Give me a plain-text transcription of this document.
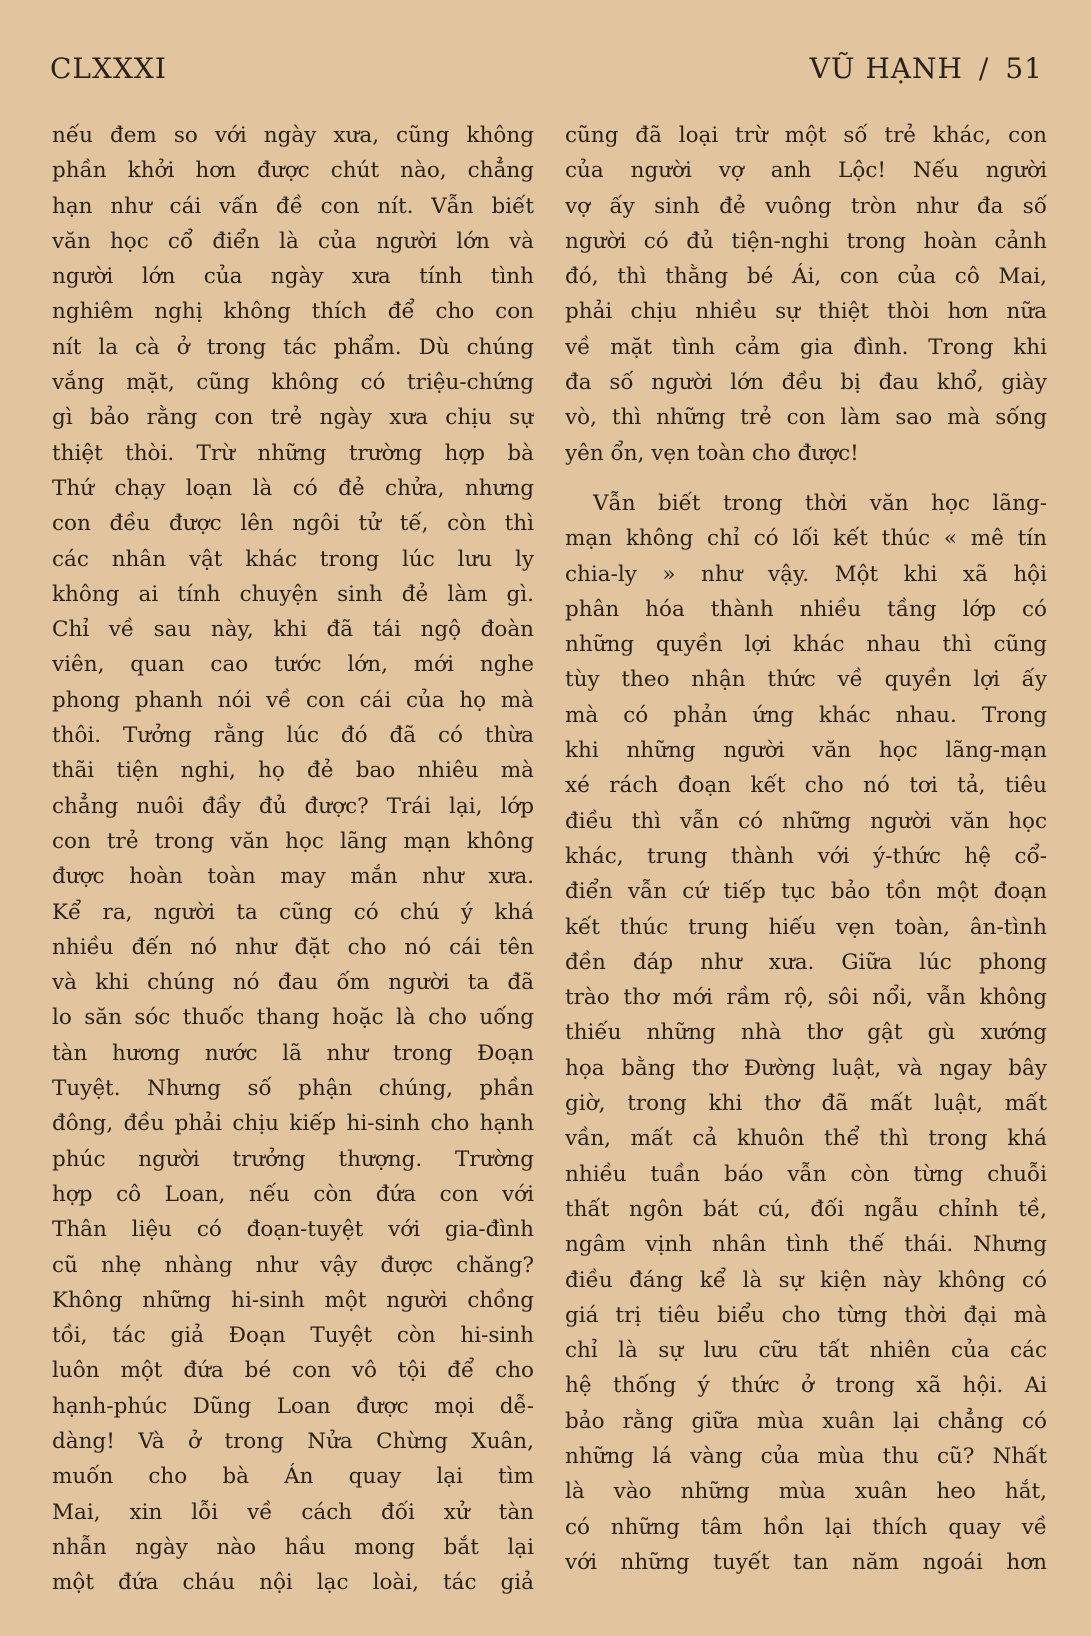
CLXXXI	VŨ HẠNH / 51
nếu đem so với ngày xưa, cũng không
phần khởi hơn được chút nào, chẳng
hạn như cái vấn đề con nít. Vẫn biết
văn học cổ điển là của người lớn và
người lớn của ngày xưa tính tình
nghiêm nghị không thích để cho con
nít la cà ở trong tác phẩm. Dù chúng
vắng mặt, cũng không có triệu-chứng
gì bảo rằng con trẻ ngày xưa chịu sự
thiệt thòi. Trừ những trường hợp bà
Thứ chạy loạn là có đẻ chửa, nhưng
con đều được lên ngôi tử tế, còn thì
các nhân vật khác trong lúc lưu ly
không ai tính chuyện sinh đẻ làm gì.
Chỉ về sau này, khi đã tái ngộ đoàn
viên, quan cao tước lớn, mới nghe
phong phanh nói về con cái của họ mà
thôi. Tưởng rằng lúc đó đã có thừa
thãi tiện nghi, họ đẻ bao nhiêu mà
chẳng nuôi đầy đủ được? Trái lại, lớp
con trẻ trong văn học lãng mạn không
được hoàn toàn may mắn như xưa.
Kể ra, người ta cũng có chú ý khá
nhiều đến nó như đặt cho nó cái tên
và khi chúng nó đau ốm người ta đã
lo săn sóc thuốc thang hoặc là cho uống
tàn hương nước lã như trong Đoạn
Tuyệt. Nhưng số phận chúng, phần
đông, đều phải chịu kiếp hi-sinh cho hạnh
phúc người trưởng thượng. Trường
hợp cô Loan, nếu còn đứa con với
Thân liệu có đoạn-tuyệt với gia-đình
cũ nhẹ nhàng như vậy được chăng?
Không những hi-sinh một người chồng
tồi, tác giả Đoạn Tuyệt còn hi-sinh
luôn một đứa bé con vô tội để cho
hạnh-phúc Dũng Loan được mọi dễ-
dàng! Và ở trong Nửa Chừng Xuân,
muốn cho bà Án quay lại tìm
Mai, xin lỗi về cách đối xử tàn
nhẫn ngày nào hầu mong bắt lại
một đứa cháu nội lạc loài, tác giả
cũng đã loại trừ một số trẻ khác, con
của người vợ anh Lộc! Nếu người
vợ ấy sinh đẻ vuông tròn như đa số
người có đủ tiện-nghi trong hoàn cảnh
đó, thì thằng bé Ái, con của cô Mai,
phải chịu nhiều sự thiệt thòi hơn nữa
về mặt tình cảm gia đình. Trong khi
đa số người lớn đều bị đau khổ, giày
vò, thì những trẻ con làm sao mà sống
yên ổn, vẹn toàn cho được!
Vẫn biết trong thời văn học lãng-
mạn không chỉ có lối kết thúc « mê tín
chia-ly » như vậy. Một khi xã hội
phân hóa thành nhiều tầng lớp có
những quyền lợi khác nhau thì cũng
tùy theo nhận thức về quyền lợi ấy
mà có phản ứng khác nhau. Trong
khi những người văn học lãng-mạn
xé rách đoạn kết cho nó tơi tả, tiêu
điều thì vẫn có những người văn học
khác, trung thành với ý-thức hệ cổ-
điển vẫn cứ tiếp tục bảo tồn một đoạn
kết thúc trung hiếu vẹn toàn, ân-tình
đền đáp như xưa. Giữa lúc phong
trào thơ mới rầm rộ, sôi nổi, vẫn không
thiếu những nhà thơ gật gù xướng
họa bằng thơ Đường luật, và ngay bây
giờ, trong khi thơ đã mất luật, mất
vần, mất cả khuôn thể thì trong khá
nhiều tuần báo vẫn còn từng chuỗi
thất ngôn bát cú, đối ngẫu chỉnh tề,
ngâm vịnh nhân tình thế thái. Nhưng
điều đáng kể là sự kiện này không có
giá trị tiêu biểu cho từng thời đại mà
chỉ là sự lưu cữu tất nhiên của các
hệ thống ý thức ở trong xã hội. Ai
bảo rằng giữa mùa xuân lại chẳng có
những lá vàng của mùa thu cũ? Nhất
là vào những mùa xuân heo hắt,
có những tâm hồn lại thích quay về
với những tuyết tan năm ngoái hơn
